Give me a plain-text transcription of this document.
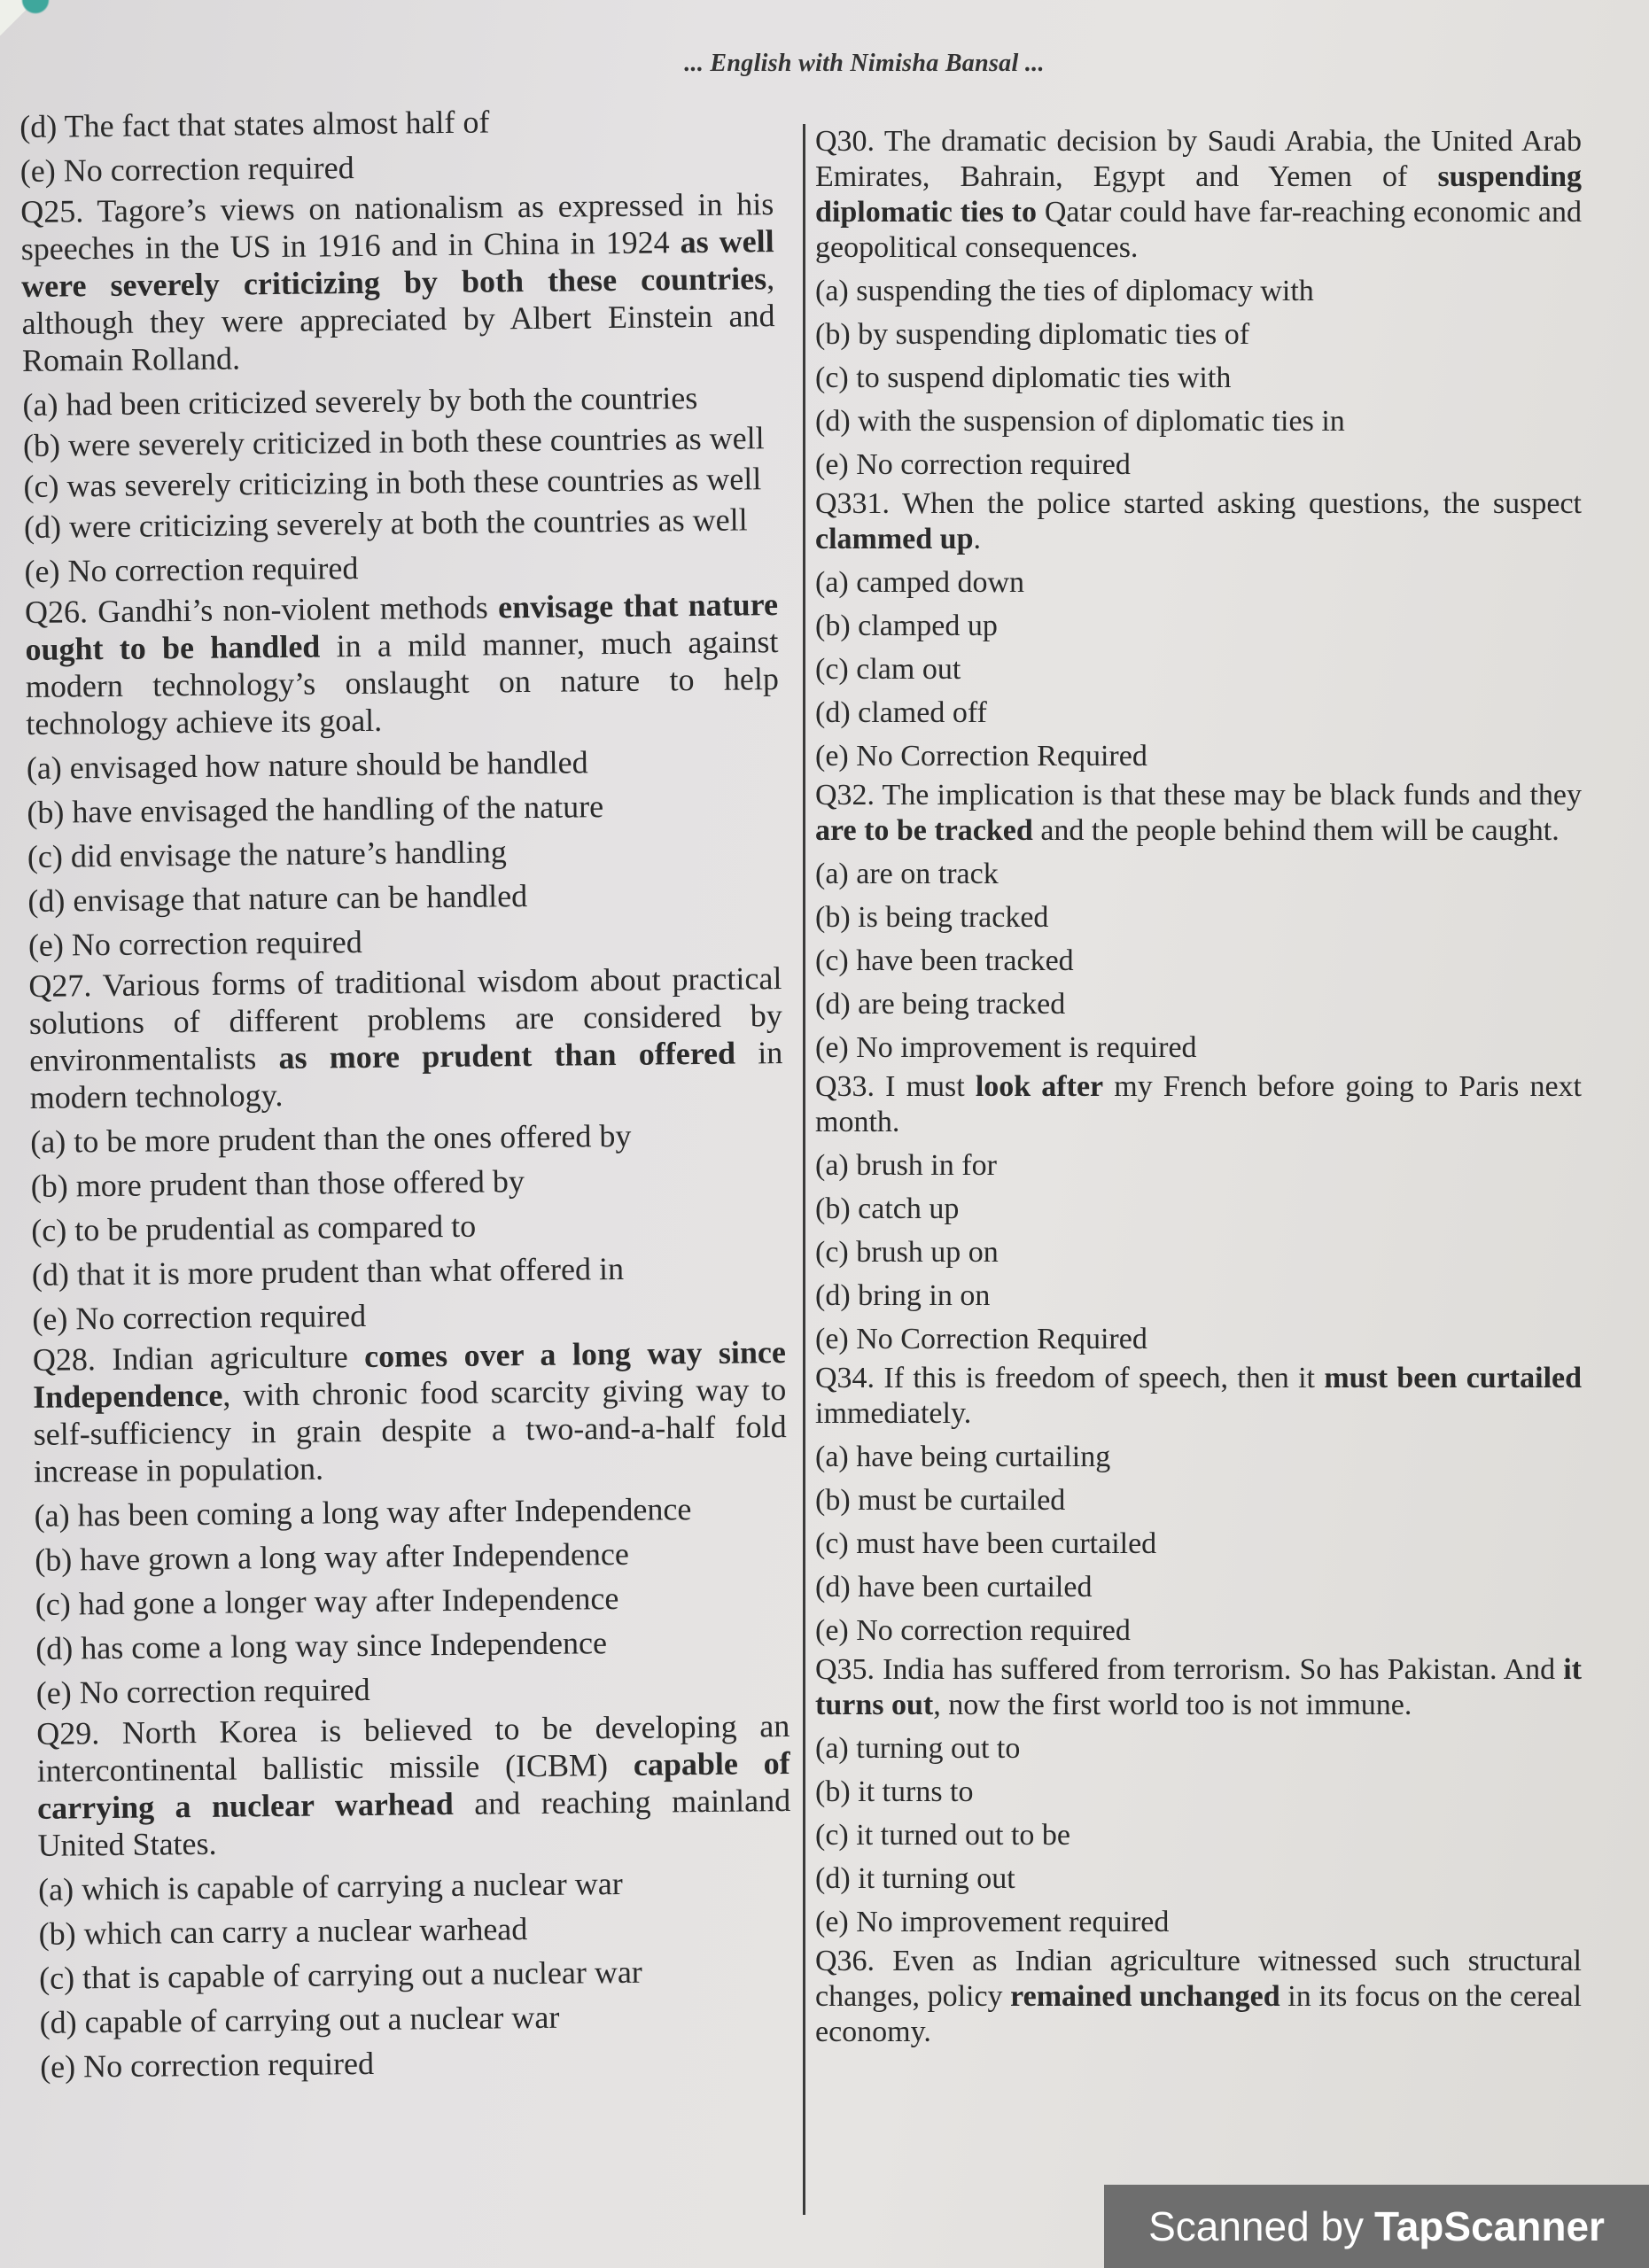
... English with Nimisha Bansal ...

(d) The fact that states almost half of

(e) No correction required

Q25. Tagore’s views on nationalism as expressed in his speeches in the US in 1916 and in China in 1924 as well were severely criticizing by both these countries, although they were appreciated by Albert Einstein and Romain Rolland.

(a) had been criticized severely by both the countries

(b) were severely criticized in both these countries as well

(c) was severely criticizing in both these countries as well

(d) were criticizing severely at both the countries as well

(e) No correction required

Q26. Gandhi’s non-violent methods envisage that nature ought to be handled in a mild manner, much against modern technology’s onslaught on nature to help technology achieve its goal.

(a) envisaged how nature should be handled

(b) have envisaged the handling of the nature

(c) did envisage the nature’s handling

(d) envisage that nature can be handled

(e) No correction required

Q27. Various forms of traditional wisdom about practical solutions of different problems are considered by environmentalists as more prudent than offered in modern technology.

(a) to be more prudent than the ones offered by

(b) more prudent than those offered by

(c) to be prudential as compared to

(d) that it is more prudent than what offered in

(e) No correction required

Q28. Indian agriculture comes over a long way since Independence, with chronic food scarcity giving way to self-sufficiency in grain despite a two-and-a-half fold increase in population.

(a) has been coming a long way after Independence

(b) have grown a long way after Independence

(c) had gone a longer way after Independence

(d) has come a long way since Independence

(e) No correction required

Q29. North Korea is believed to be developing an intercontinental ballistic missile (ICBM) capable of carrying a nuclear warhead and reaching mainland United States.

(a) which is capable of carrying a nuclear war

(b) which can carry a nuclear warhead

(c) that is capable of carrying out a nuclear war

(d) capable of carrying out a nuclear war

(e) No correction required

Q30. The dramatic decision by Saudi Arabia, the United Arab Emirates, Bahrain, Egypt and Yemen of suspending diplomatic ties to Qatar could have far-reaching economic and geopolitical consequences.

(a) suspending the ties of diplomacy with

(b) by suspending diplomatic ties of

(c) to suspend diplomatic ties with

(d) with the suspension of diplomatic ties in

(e) No correction required

Q331. When the police started asking questions, the suspect clammed up.

(a) camped down

(b) clamped up

(c) clam out

(d) clamed off

(e) No Correction Required

Q32. The implication is that these may be black funds and they are to be tracked and the people behind them will be caught.

(a) are on track

(b) is being tracked

(c) have been tracked

(d) are being tracked

(e) No improvement is required

Q33. I must look after my French before going to Paris next month.

(a) brush in for

(b) catch up

(c) brush up on

(d) bring in on

(e) No Correction Required

Q34. If this is freedom of speech, then it must been curtailed immediately.

(a) have being curtailing

(b) must be curtailed

(c) must have been curtailed

(d) have been curtailed

(e) No correction required

Q35. India has suffered from terrorism. So has Pakistan. And it turns out, now the first world too is not immune.

(a) turning out to

(b) it turns to

(c) it turned out to be

(d) it turning out

(e) No improvement required

Q36. Even as Indian agriculture witnessed such structural changes, policy remained unchanged in its focus on the cereal economy.

Scanned by TapScanner
